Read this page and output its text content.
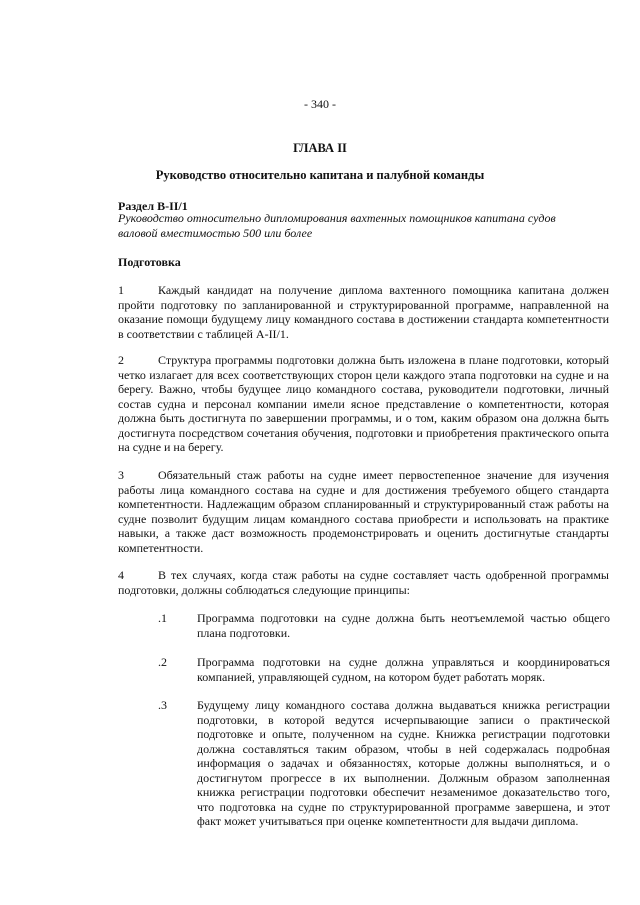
- 340 -
ГЛАВА II
Руководство относительно капитана и палубной команды
Раздел В-II/1
Руководство относительно дипломирования вахтенных помощников капитана судов валовой вместимостью 500 или более
Подготовка
1	Каждый кандидат на получение диплома вахтенного помощника капитана должен пройти подготовку по запланированной и структурированной программе, направленной на оказание помощи будущему лицу командного состава в достижении стандарта компетентности в соответствии с таблицей A-II/1.
2	Структура программы подготовки должна быть изложена в плане подготовки, который четко излагает для всех соответствующих сторон цели каждого этапа подготовки на судне и на берегу. Важно, чтобы будущее лицо командного состава, руководители подготовки, личный состав судна и персонал компании имели ясное представление о компетентности, которая должна быть достигнута по завершении программы, и о том, каким образом она должна быть достигнута посредством сочетания обучения, подготовки и приобретения практического опыта на судне и на берегу.
3	Обязательный стаж работы на судне имеет первостепенное значение для изучения работы лица командного состава на судне и для достижения требуемого общего стандарта компетентности. Надлежащим образом спланированный и структурированный стаж работы на судне позволит будущим лицам командного состава приобрести и использовать на практике навыки, а также даст возможность продемонстрировать и оценить достигнутые стандарты компетентности.
4	В тех случаях, когда стаж работы на судне составляет часть одобренной программы подготовки, должны соблюдаться следующие принципы:
.1	Программа подготовки на судне должна быть неотъемлемой частью общего плана подготовки.
.2	Программа подготовки на судне должна управляться и координироваться компанией, управляющей судном, на котором будет работать моряк.
.3	Будущему лицу командного состава должна выдаваться книжка регистрации подготовки, в которой ведутся исчерпывающие записи о практической подготовке и опыте, полученном на судне. Книжка регистрации подготовки должна составляться таким образом, чтобы в ней содержалась подробная информация о задачах и обязанностях, которые должны выполняться, и о достигнутом прогрессе в их выполнении. Должным образом заполненная книжка регистрации подготовки обеспечит незаменимое доказательство того, что подготовка на судне по структурированной программе завершена, и этот факт может учитываться при оценке компетентности для выдачи диплома.
